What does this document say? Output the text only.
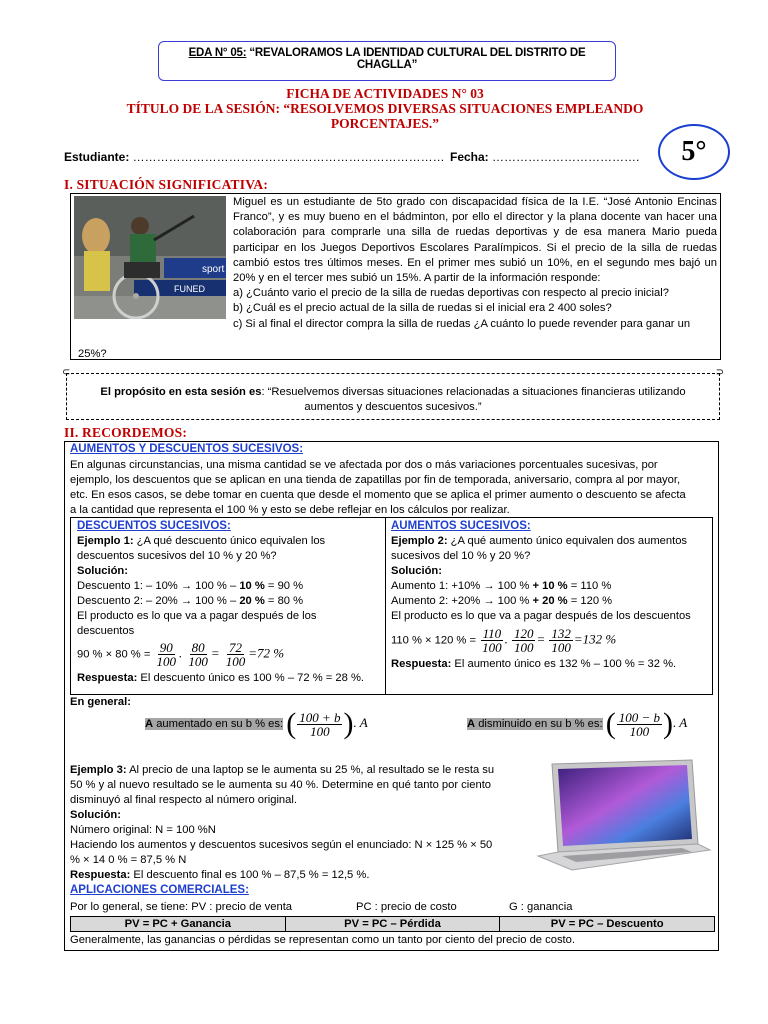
EDA N° 05: “REVALORAMOS LA IDENTIDAD CULTURAL DEL DISTRITO DE CHAGLLA”
FICHA DE ACTIVIDADES N° 03
TÍTULO DE LA SESIÓN: “RESOLVEMOS DIVERSAS SITUACIONES EMPLEANDO
PORCENTAJES.”
5°
Estudiante: …………………………………………………………………… Fecha: ……………………………….
I. SITUACIÓN SIGNIFICATIVA:
sport
FUNED
Miguel es un estudiante de 5to grado con discapacidad física de la I.E. “José Antonio Encinas Franco”, y es muy bueno en el bádminton, por ello el director y la plana docente van hacer una colaboración para comprarle una silla de ruedas deportivas y de esa manera Mario pueda participar en los Juegos Deportivos Escolares Paralímpicos. Si el precio de la silla de ruedas cambió estos tres últimos meses. En el primer mes subió un 10%, en el segundo mes bajó un 20% y en el tercer mes subió un 15%. A partir de la información responde:
a) ¿Cuánto vario el precio de la silla de ruedas deportivas con respecto al precio inicial?
b) ¿Cuál es el precio actual de la silla de ruedas si el inicial era 2 400 soles?
c) Si al final el director compra la silla de ruedas ¿A cuánto lo puede revender para ganar un
25%?
⊂	⊃
El propósito en esta sesión es: “Resuelvemos diversas situaciones relacionadas a situaciones financieras utilizando
aumentos y descuentos sucesivos.”
II. RECORDEMOS:
AUMENTOS Y DESCUENTOS SUCESIVOS:
En algunas circunstancias, una misma cantidad se ve afectada por dos o más variaciones porcentuales sucesivas, por
ejemplo, los descuentos que se aplican en una tienda de zapatillas por fin de temporada, aniversario, compra al por mayor,
etc. En esos casos, se debe tomar en cuenta que desde el momento que se aplica el primer aumento o descuento se afecta
a la cantidad que representa el 100 % y esto se debe reflejar en los cálculos por realizar.
DESCUENTOS SUCESIVOS:
Ejemplo 1: ¿A qué descuento único equivalen los
descuentos sucesivos del 10 % y 20 %?
Solución:
Descuento 1: – 10% → 100 % – 10 % = 90 %
Descuento 2: – 20% → 100 % – 20 % = 80 %
El producto es lo que va a pagar después de los
descuentos
90 % × 80 % = $\frac{90}{100}$ . $\frac{80}{100} = \frac{72}{100} =72$ %
Respuesta: El descuento único es 100 % – 72 % = 28 %.
AUMENTOS SUCESIVOS:
Ejemplo 2: ¿A qué aumento único equivalen dos aumentos
sucesivos del 10 % y 20 %?
Solución:
Aumento 1: +10% → 100 % + 10 % = 110 %
Aumento 2: +20% → 100 % + 20 % = 120 %
El producto es lo que va a pagar después de los descuentos
110 % × 120 % = $\frac{110}{100}$ . $\frac{120}{100} = \frac{132}{100} =132$ %
Respuesta: El aumento único es 132 % – 100 % = 32 %.
En general:
A aumentado en su b % es: ( $\frac{100 + b}{100}$ ). A	A disminuido en su b % es: ( $\frac{100 - b}{100}$ ). A
Ejemplo 3: Al precio de una laptop se le aumenta su 25 %, al resultado se le resta su
50 % y al nuevo resultado se le aumenta su 40 %. Determine en qué tanto por ciento
disminuyó al final respecto al número original.
Solución:
Número original: N = 100 %N
Haciendo los aumentos y descuentos sucesivos según el enunciado: N × 125 % × 50
% × 14 0 % = 87,5 % N
Respuesta: El descuento final es 100 % – 87,5 % = 12,5 %.
APLICACIONES COMERCIALES:
Por lo general, se tiene: PV : precio de venta	PC : precio de costo	G : ganancia
PV = PC + Ganancia	PV = PC – Pérdida	PV = PC – Descuento
Generalmente, las ganancias o pérdidas se representan como un tanto por ciento del precio de costo.
